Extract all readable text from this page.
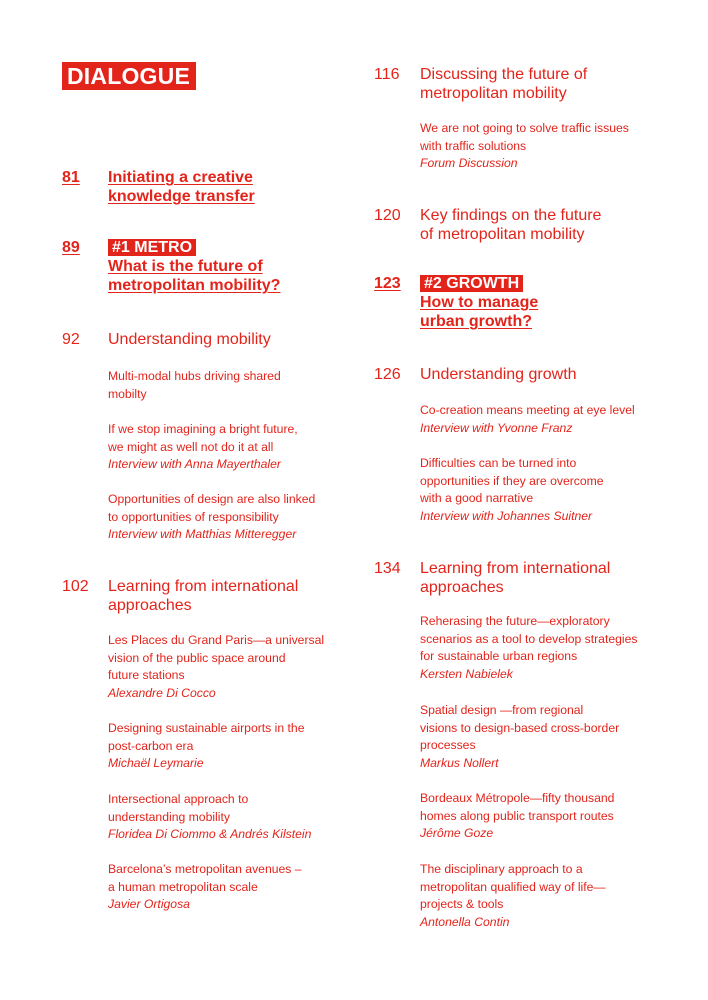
DIALOGUE
81	Initiating a creative
knowledge transfer
89	#1 METRO
What is the future of
metropolitan mobility?
92	Understanding mobility
Multi-modal hubs driving shared
mobilty
If we stop imagining a bright future,
we might as well not do it at all
Interview with Anna Mayerthaler
Opportunities of design are also linked
to opportunities of responsibility
Interview with Matthias Mitteregger
102	Learning from international
approaches
Les Places du Grand Paris—a universal
vision of the public space around
future stations
Alexandre Di Cocco
Designing sustainable airports in the
post-carbon era
Michaël Leymarie
Intersectional approach to
understanding mobility
Floridea Di Ciommo & Andrés Kilstein
Barcelona’s metropolitan avenues –
a human metropolitan scale
Javier Ortigosa
116	Discussing the future of
metropolitan mobility
We are not going to solve traffic issues
with traffic solutions
Forum Discussion
120	Key findings on the future
of metropolitan mobility
123	#2 GROWTH
How to manage
urban growth?
126	Understanding growth
Co-creation means meeting at eye level
Interview with Yvonne Franz
Difficulties can be turned into
opportunities if they are overcome
with a good narrative
Interview with Johannes Suitner
134	Learning from international
approaches
Reherasing the future—exploratory
scenarios as a tool to develop strategies
for sustainable urban regions
Kersten Nabielek
Spatial design —from regional
visions to design-based cross-border
processes
Markus Nollert
Bordeaux Métropole—fifty thousand
homes along public transport routes
Jérôme Goze
The disciplinary approach to a
metropolitan qualified way of life—
projects & tools
Antonella Contin
